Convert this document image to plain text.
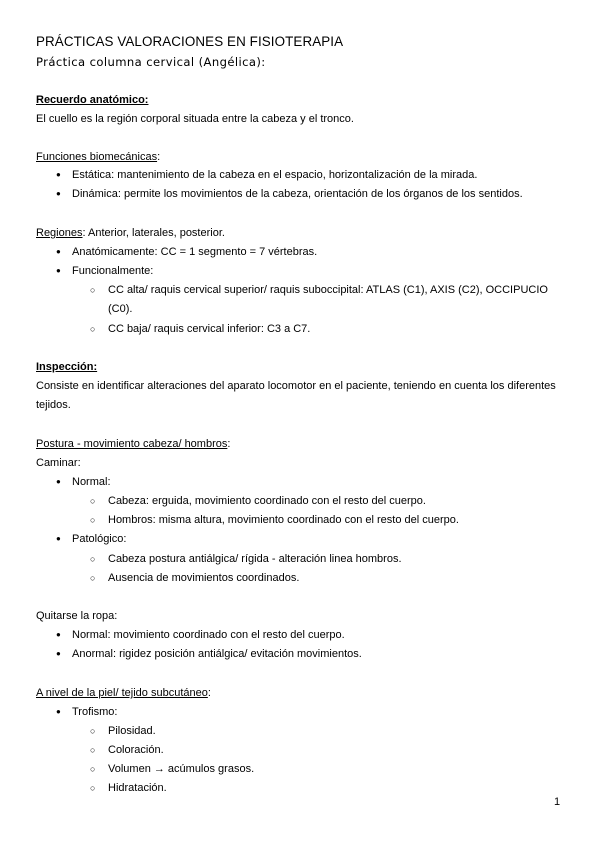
PRÁCTICAS VALORACIONES EN FISIOTERAPIA
Práctica columna cervical (Angélica):
Recuerdo anatómico:
El cuello es la región corporal situada entre la cabeza y el tronco.
Funciones biomecánicas:
●
Estática: mantenimiento de la cabeza en el espacio, horizontalización de la mirada.
●
Dinámica: permite los movimientos de la cabeza, orientación de los órganos de los sentidos.
Regiones: Anterior, laterales, posterior.
●
Anatómicamente: CC = 1 segmento = 7 vértebras.
●
Funcionalmente:
○
CC alta/ raquis cervical superior/ raquis suboccipital: ATLAS (C1), AXIS (C2), OCCIPUCIO
(C0).
○
CC baja/ raquis cervical inferior: C3 a C7.
Inspección:
Consiste en identificar alteraciones del aparato locomotor en el paciente, teniendo en cuenta los diferentes
tejidos.
Postura - movimiento cabeza/ hombros:
Caminar:
●
Normal:
○
Cabeza: erguida, movimiento coordinado con el resto del cuerpo.
○
Hombros: misma altura, movimiento coordinado con el resto del cuerpo.
●
Patológico:
○
Cabeza postura antiálgica/ rígida - alteración linea hombros.
○
Ausencia de movimientos coordinados.
Quitarse la ropa:
●
Normal: movimiento coordinado con el resto del cuerpo.
●
Anormal: rigidez posición antiálgica/ evitación movimientos.
A nivel de la piel/ tejido subcutáneo:
●
Trofismo:
○
Pilosidad.
○
Coloración.
○
Volumen → acúmulos grasos.
○
Hidratación.
1
